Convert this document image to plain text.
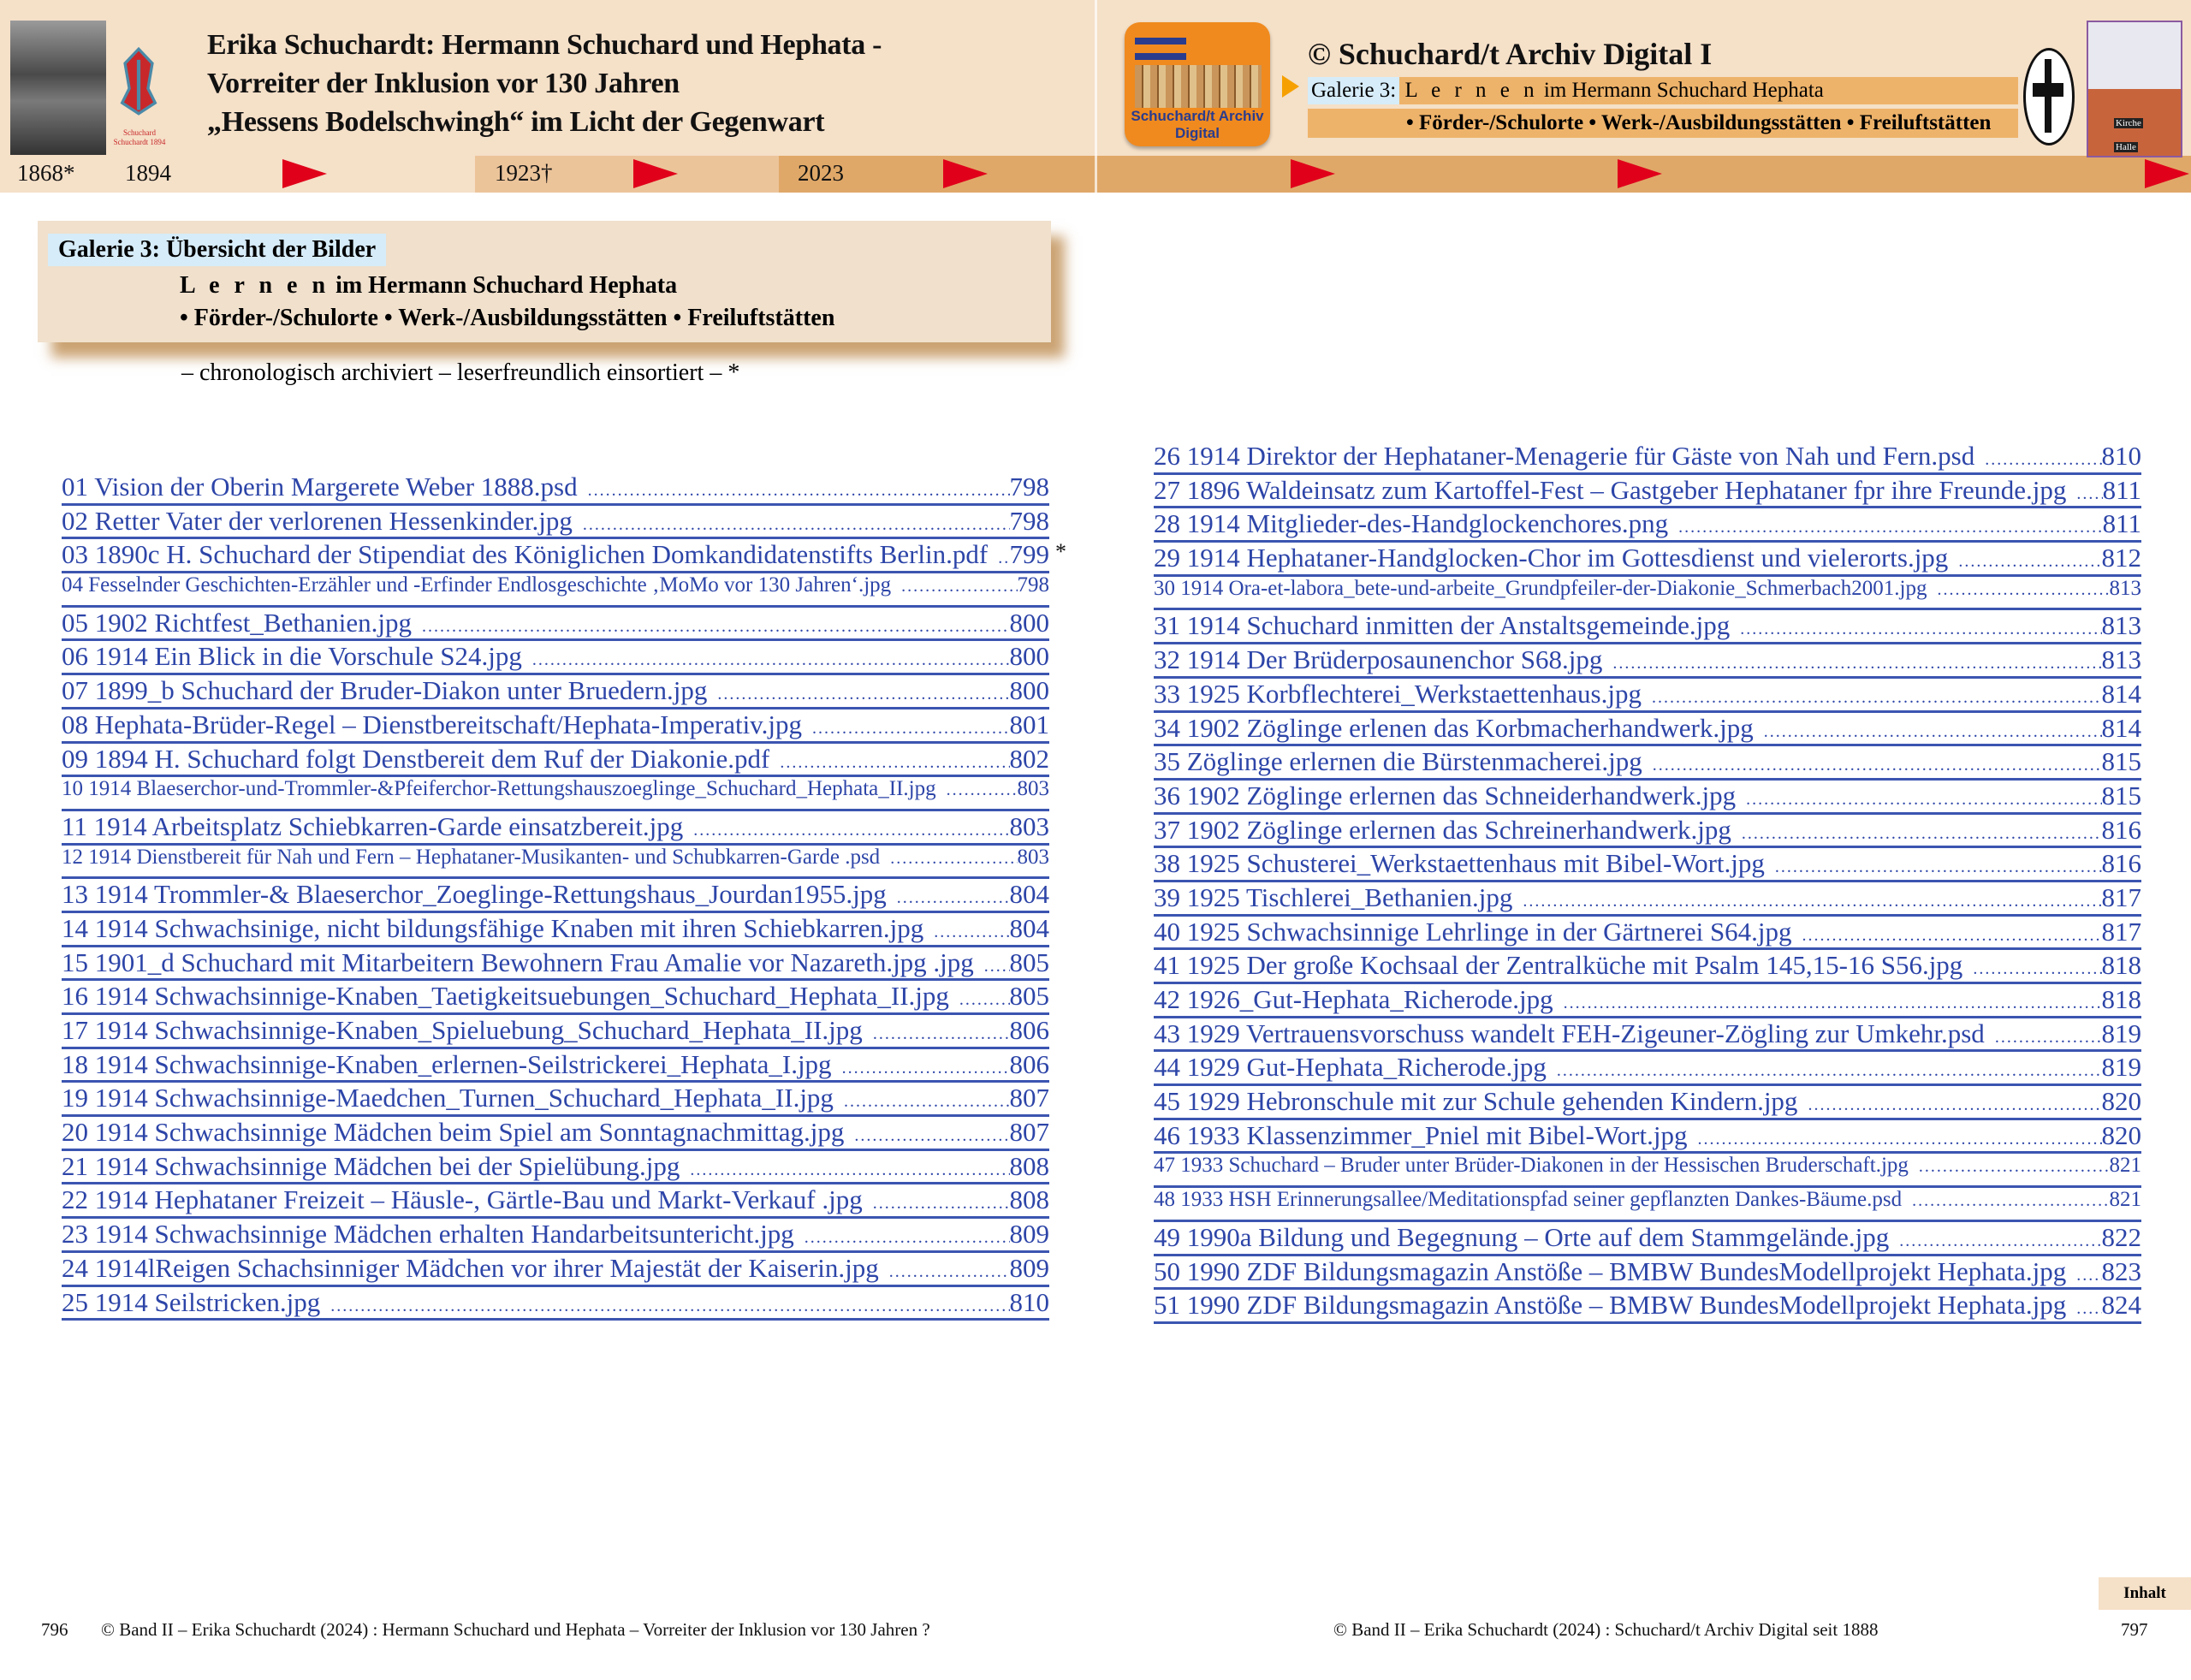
Schuchard Schuchardt 1894
Erika Schuchardt: Hermann Schuchard und Hephata -
Vorreiter der Inklusion vor 130 Jahren
„Hessens Bodelschwingh“ im Licht der Gegenwart
1868* 1894	1923†	2023
Schuchard/t Archiv Digital
© Schuchard/t Archiv Digital I
Galerie 3: L e r n e n im Hermann Schuchard Hephata
• Förder-/Schulorte • Werk-/Ausbildungsstätten • Freiluftstätten	Kirche
Halle
Galerie 3: Übersicht der Bilder
L e r n e n im Hermann Schuchard Hephata
• Förder-/Schulorte • Werk-/Ausbildungsstätten • Freiluftstätten
– chronologisch archiviert – leserfreundlich einsortiert – *
01 Vision der Oberin Margerete Weber 1888.psd .....	798
02 Retter Vater der verlorenen Hessenkinder.jpg .....	798
03 1890c H. Schuchard der Stipendiat des Königlichen Domkandidatenstifts Berlin.pdf ..... 799 *
04 Fesselnder Geschichten-Erzähler und -Erfinder Endlosgeschichte ‚MoMo vor 130 Jahren‘.jpg .....	798
05 1902 Richtfest_Bethanien.jpg .....	800
06 1914 Ein Blick in die Vorschule S24.jpg .....	800
07 1899_b Schuchard der Bruder-Diakon unter Bruedern.jpg .....	800
08 Hephata-Brüder-Regel – Dienstbereitschaft/Hephata-Imperativ.jpg .....	801
09 1894 H. Schuchard folgt Denstbereit dem Ruf der Diakonie.pdf .....	802
10 1914 Blaeserchor-und-Trommler-&Pfeiferchor-Rettungshauszoeglinge_Schuchard_Hephata_II.jpg .....	803
11 1914 Arbeitsplatz Schiebkarren-Garde einsatzbereit.jpg .....	803
12 1914 Dienstbereit für Nah und Fern – Hephataner-Musikanten- und Schubkarren-Garde .psd .....	803
13 1914 Trommler-& Blaeserchor_Zoeglinge-Rettungshaus_Jourdan1955.jpg .....	804
14 1914 Schwachsinige, nicht bildungsfähige Knaben mit ihren Schiebkarren.jpg .....	804
15 1901_d Schuchard mit Mitarbeitern Bewohnern Frau Amalie vor Nazareth.jpg .jpg ..... 805
16 1914 Schwachsinnige-Knaben_Taetigkeitsuebungen_Schuchard_Hephata_II.jpg ..... 805
17 1914 Schwachsinnige-Knaben_Spieluebung_Schuchard_Hephata_II.jpg .....	806
18 1914 Schwachsinnige-Knaben_erlernen-Seilstrickerei_Hephata_I.jpg .....	806
19 1914 Schwachsinnige-Maedchen_Turnen_Schuchard_Hephata_II.jpg .....	807
20 1914 Schwachsinnige Mädchen beim Spiel am Sonntagnachmittag.jpg .....	807
21 1914 Schwachsinnige Mädchen bei der Spielübung.jpg .....	808
22 1914 Hephataner Freizeit – Häusle-, Gärtle-Bau und Markt-Verkauf .jpg .....	808
23 1914 Schwachsinnige Mädchen erhalten Handarbeitsuntericht.jpg .....	809
24 1914lReigen Schachsinniger Mädchen vor ihrer Majestät der Kaiserin.jpg .....	809
25 1914 Seilstricken.jpg .....	810
26 1914 Direktor der Hephataner-Menagerie für Gäste von Nah und Fern.psd .....	810
27 1896 Waldeinsatz zum Kartoffel-Fest – Gastgeber Hephataner fpr ihre Freunde.jpg ..... 811
28 1914 Mitglieder-des-Handglockenchores.png .....	811
29 1914 Hephataner-Handglocken-Chor im Gottesdienst und vielerorts.jpg .....	812
30 1914 Ora-et-labora_bete-und-arbeite_Grundpfeiler-der-Diakonie_Schmerbach2001.jpg .....	813
31 1914 Schuchard inmitten der Anstaltsgemeinde.jpg .....	813
32 1914 Der Brüderposaunenchor S68.jpg .....	813
33 1925 Korbflechterei_Werkstaettenhaus.jpg .....	814
34 1902 Zöglinge erlenen das Korbmacherhandwerk.jpg .....	814
35 Zöglinge erlernen die Bürstenmacherei.jpg .....	815
36 1902 Zöglinge erlernen das Schneiderhandwerk.jpg .....	815
37 1902 Zöglinge erlernen das Schreinerhandwerk.jpg .....	816
38 1925 Schusterei_Werkstaettenhaus mit Bibel-Wort.jpg .....	816
39 1925 Tischlerei_Bethanien.jpg .....	817
40 1925 Schwachsinnige Lehrlinge in der Gärtnerei S64.jpg .....	817
41 1925 Der große Kochsaal der Zentralküche mit Psalm 145,15-16 S56.jpg .....	818
42 1926_Gut-Hephata_Richerode.jpg .....	818
43 1929 Vertrauensvorschuss wandelt FEH-Zigeuner-Zögling zur Umkehr.psd .....	819
44 1929 Gut-Hephata_Richerode.jpg .....	819
45 1929 Hebronschule mit zur Schule gehenden Kindern.jpg .....	820
46 1933 Klassenzimmer_Pniel mit Bibel-Wort.jpg .....	820
47 1933 Schuchard – Bruder unter Brüder-Diakonen in der Hessischen Bruderschaft.jpg .....	821
48 1933 HSH Erinnerungsallee/Meditationspfad seiner gepflanzten Dankes-Bäume.psd .....	821
49 1990a Bildung und Begegnung – Orte auf dem Stammgelände.jpg .....	822
50 1990 ZDF Bildungsmagazin Anstöße – BMBW BundesModellprojekt Hephata.jpg ..... 823
51 1990 ZDF Bildungsmagazin Anstöße – BMBW BundesModellprojekt Hephata.jpg ..... 824
Inhalt
796 © Band II – Erika Schuchardt (2024) : Hermann Schuchard und Hephata – Vorreiter der Inklusion vor 130 Jahren ?	© Band II – Erika Schuchardt (2024) : Schuchard/t Archiv Digital seit 1888	797
